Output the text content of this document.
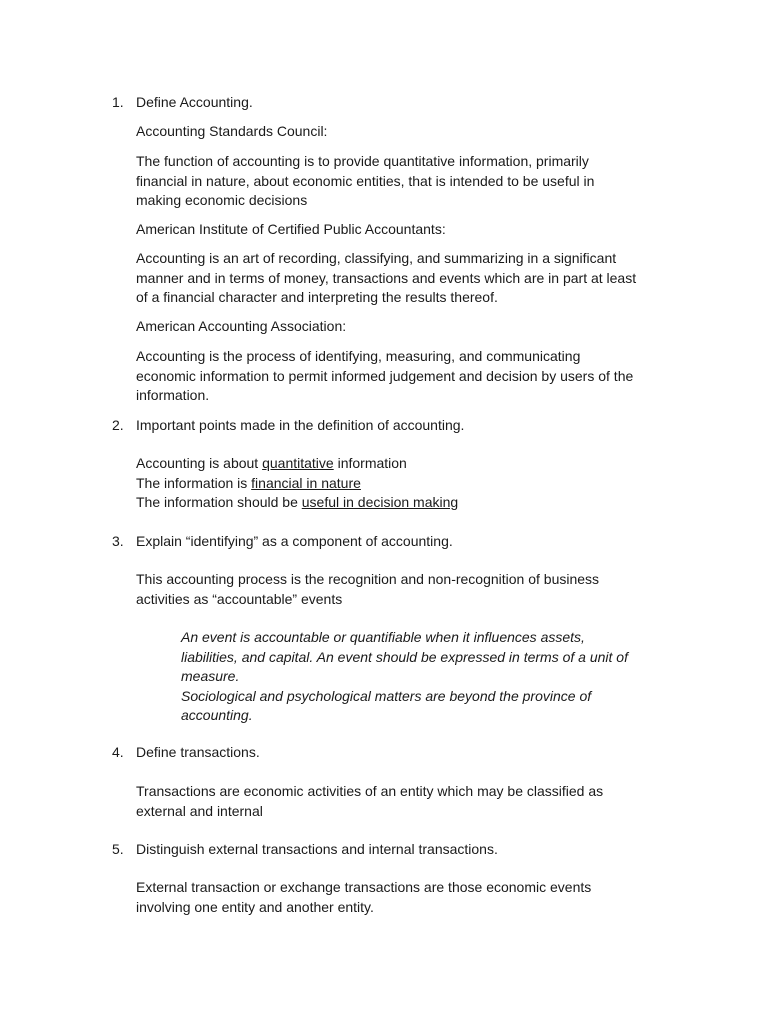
1. Define Accounting.
Accounting Standards Council:
The function of accounting is to provide quantitative information, primarily
financial in nature, about economic entities, that is intended to be useful in
making economic decisions
American Institute of Certified Public Accountants:
Accounting is an art of recording, classifying, and summarizing in a significant
manner and in terms of money, transactions and events which are in part at least
of a financial character and interpreting the results thereof.
American Accounting Association:
Accounting is the process of identifying, measuring, and communicating
economic information to permit informed judgement and decision by users of the
information.
2. Important points made in the definition of accounting.
Accounting is about quantitative information
The information is financial in nature
The information should be useful in decision making
3. Explain “identifying” as a component of accounting.
This accounting process is the recognition and non-recognition of business
activities as “accountable” events
An event is accountable or quantifiable when it influences assets,
liabilities, and capital. An event should be expressed in terms of a unit of
measure.
Sociological and psychological matters are beyond the province of
accounting.
4. Define transactions.
Transactions are economic activities of an entity which may be classified as
external and internal
5. Distinguish external transactions and internal transactions.
External transaction or exchange transactions are those economic events
involving one entity and another entity.
